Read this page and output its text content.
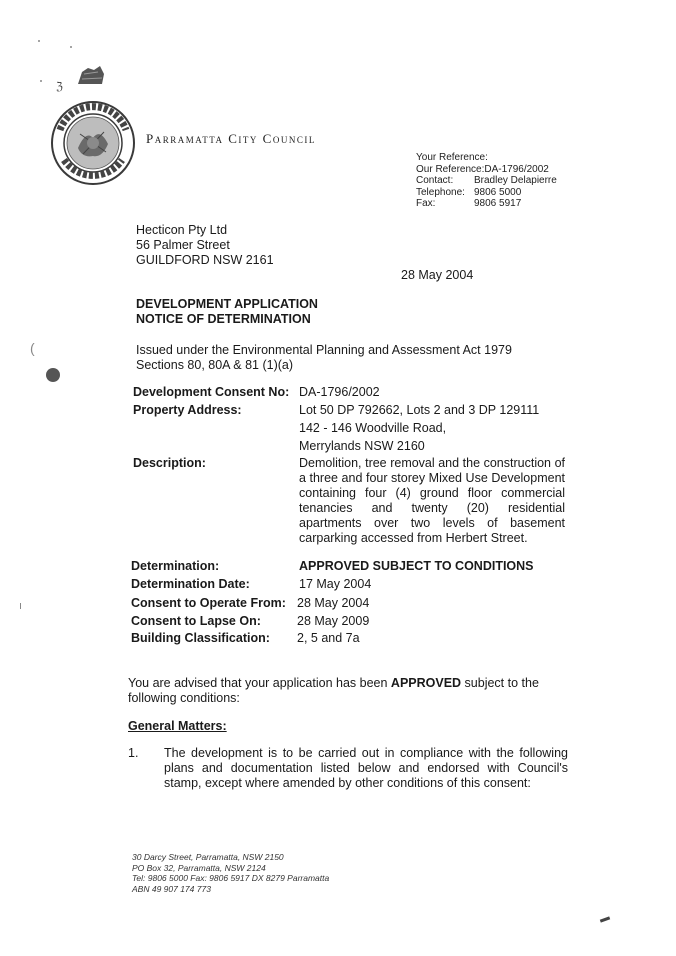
(
ℨ
Parramatta City Council
Your Reference:
Our Reference:DA-1796/2002
Contact: Bradley Delapierre
Telephone: 9806 5000
Fax:	9806 5917
Hecticon Pty Ltd
56 Palmer Street
GUILDFORD NSW 2161
28 May 2004
DEVELOPMENT APPLICATION
NOTICE OF DETERMINATION
Issued under the Environmental Planning and Assessment Act 1979
Sections 80, 80A & 81 (1)(a)
Development Consent No: DA-1796/2002
Property Address:	Lot 50 DP 792662, Lots 2 and 3 DP 129111
142 - 146 Woodville Road,
Merrylands NSW 2160
Description:	Demolition, tree removal and the construction of a three and four storey Mixed Use Development containing four (4) ground floor commercial tenancies and twenty (20) residential apartments over two levels of basement carparking accessed from Herbert Street.
Determination:	APPROVED SUBJECT TO CONDITIONS
Determination Date:	17 May 2004
Consent to Operate From: 28 May 2004
Consent to Lapse On:	28 May 2009
Building Classification: 2, 5 and 7a
You are advised that your application has been APPROVED subject to the following conditions:
General Matters:
1. The development is to be carried out in compliance with the following plans and documentation listed below and endorsed with Council's stamp, except where amended by other conditions of this consent:
30 Darcy Street, Parramatta, NSW 2150
PO Box 32, Parramatta, NSW 2124
Tel: 9806 5000 Fax: 9806 5917 DX 8279 Parramatta
ABN 49 907 174 773
